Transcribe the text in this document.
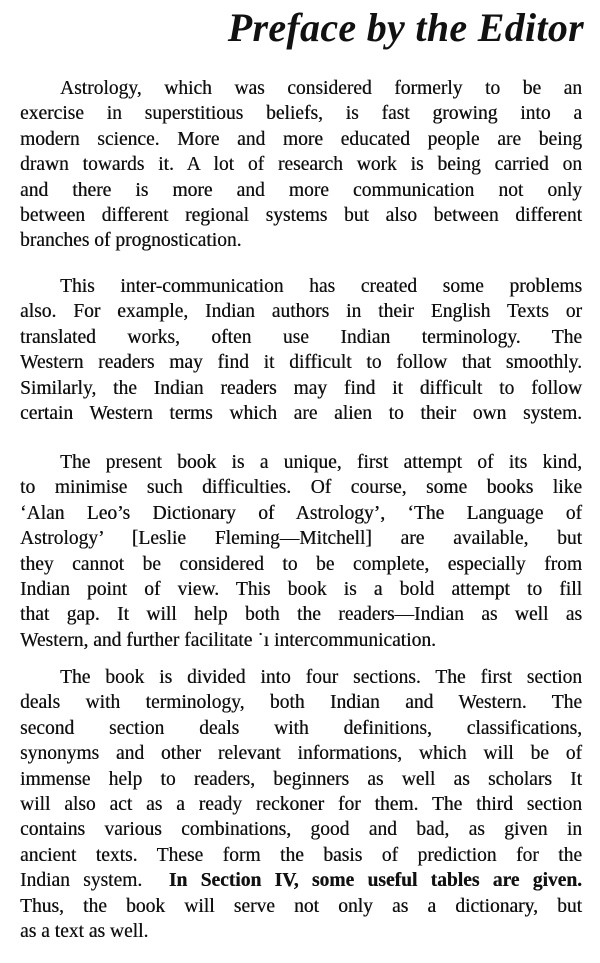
Preface by the Editor
Astrology, which was considered formerly to be an
exercise in superstitious beliefs, is fast growing into a
modern science. More and more educated people are being
drawn towards it. A lot of research work is being carried on
and there is more and more communication not only
between different regional systems but also between different
branches of prognostication.
This inter-communication has created some problems
also. For example, Indian authors in their English Texts or
translated works, often use Indian terminology. The
Western readers may find it difficult to follow that smoothly.
Similarly, the Indian readers may find it difficult to follow
certain Western terms which are alien to their own system.
The present book is a unique, first attempt of its kind,
to minimise such difficulties. Of course, some books like
‘Alan Leo’s Dictionary of Astrology’, ‘The Language of
Astrology’ [Leslie Fleming—Mitchell] are available, but
they cannot be considered to be complete, especially from
Indian point of view. This book is a bold attempt to fill
that gap. It will help both the readers—Indian as well as
Western, and further facilitate ˙ı intercommunication.
The book is divided into four sections. The first section
deals with terminology, both Indian and Western. The
second section deals with definitions, classifications,
synonyms and other relevant informations, which will be of
immense help to readers, beginners as well as scholars It
will also act as a ready reckoner for them. The third section
contains various combinations, good and bad, as given in
ancient texts. These form the basis of prediction for the
Indian system. In Section IV, some useful tables are given.
Thus, the book will serve not only as a dictionary, but
as a text as well.
